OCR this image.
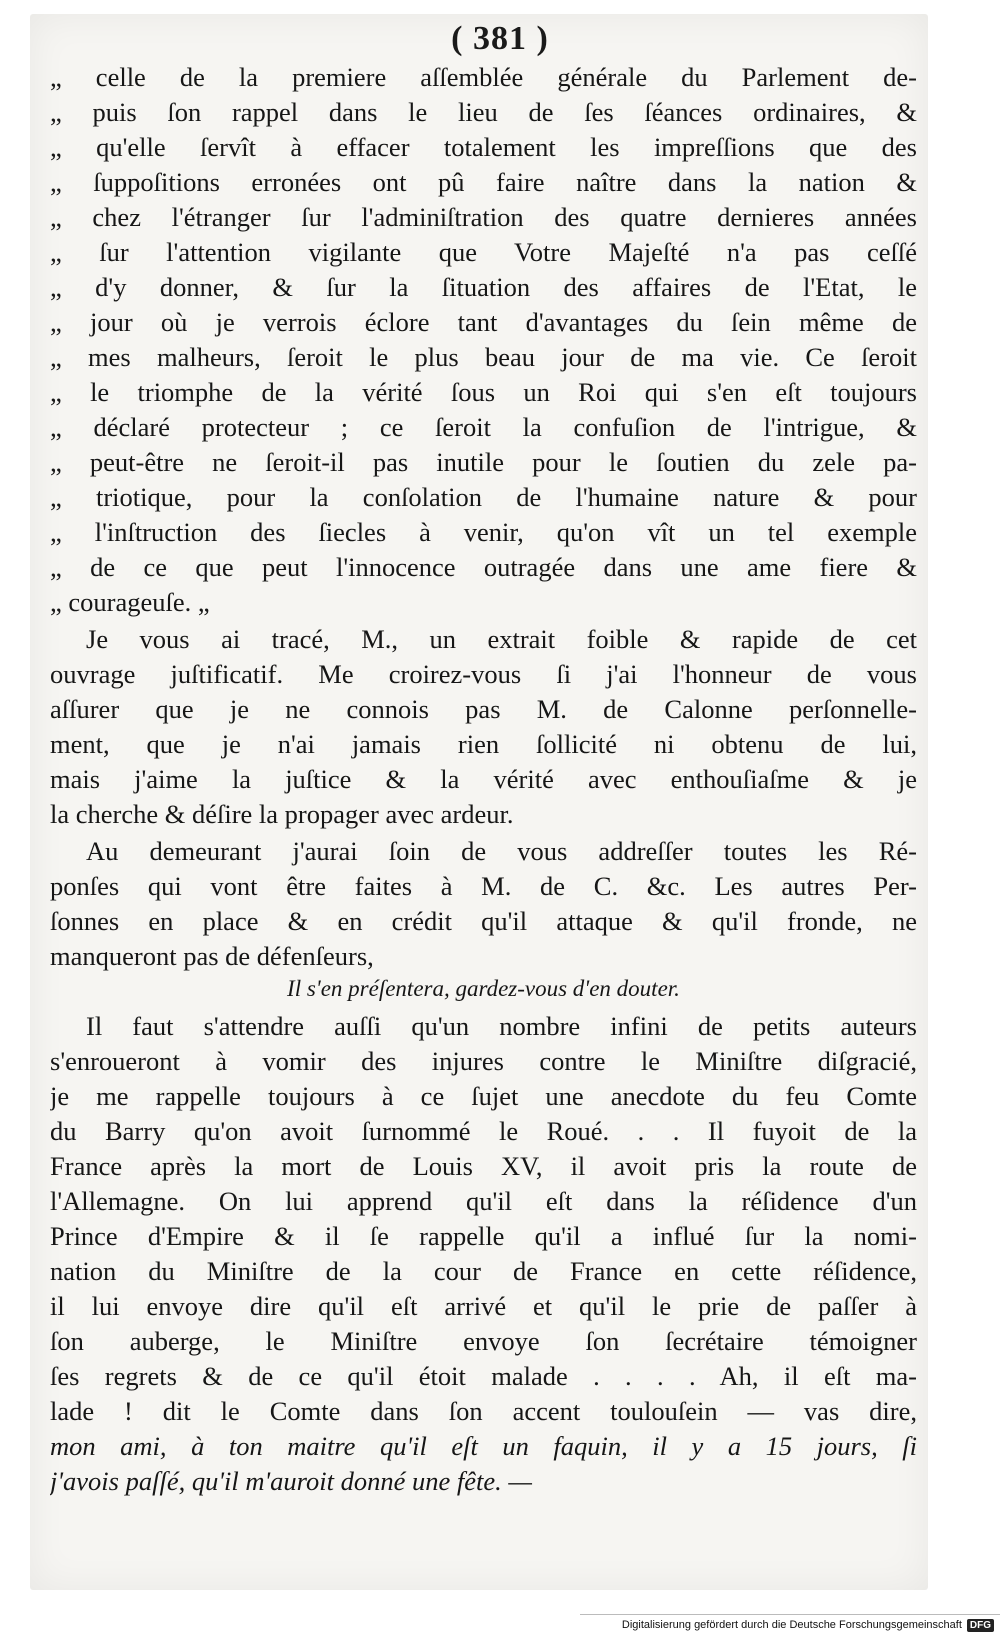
( 381 )
„ celle de la premiere aſſemblée générale du Parlement de-
„ puis ſon rappel dans le lieu de ſes ſéances ordinaires, &
„ qu'elle ſervît à effacer totalement les impreſſions que des
„ ſuppoſitions erronées ont pû faire naître dans la nation &
„ chez l'étranger ſur l'adminiſtration des quatre dernieres années
„ ſur l'attention vigilante que Votre Majeſté n'a pas ceſſé
„ d'y donner, & ſur la ſituation des affaires de l'Etat, le
„ jour où je verrois éclore tant d'avantages du ſein même de
„ mes malheurs, ſeroit le plus beau jour de ma vie. Ce ſeroit
„ le triomphe de la vérité ſous un Roi qui s'en eſt toujours
„ déclaré protecteur ; ce ſeroit la confuſion de l'intrigue, &
„ peut-être ne ſeroit-il pas inutile pour le ſoutien du zele pa-
„ triotique, pour la conſolation de l'humaine nature & pour
„ l'inſtruction des ſiecles à venir, qu'on vît un tel exemple
„ de ce que peut l'innocence outragée dans une ame fiere &
„ courageuſe. „
Je vous ai tracé, M., un extrait foible & rapide de cet
ouvrage juſtificatif. Me croirez-vous ſi j'ai l'honneur de vous
aſſurer que je ne connois pas M. de Calonne perſonnelle-
ment, que je n'ai jamais rien ſollicité ni obtenu de lui,
mais j'aime la juſtice & la vérité avec enthouſiaſme & je
la cherche & déſire la propager avec ardeur.
Au demeurant j'aurai ſoin de vous addreſſer toutes les Ré-
ponſes qui vont être faites à M. de C. &c. Les autres Per-
ſonnes en place & en crédit qu'il attaque & qu'il fronde, ne
manqueront pas de défenſeurs,
Il s'en préſentera, gardez-vous d'en douter.
Il faut s'attendre auſſi qu'un nombre infini de petits auteurs
s'enroueront à vomir des injures contre le Miniſtre diſgracié,
je me rappelle toujours à ce ſujet une anecdote du feu Comte
du Barry qu'on avoit ſurnommé le Roué. . . Il fuyoit de la
France après la mort de Louis XV, il avoit pris la route de
l'Allemagne. On lui apprend qu'il eſt dans la réſidence d'un
Prince d'Empire & il ſe rappelle qu'il a influé ſur la nomi-
nation du Miniſtre de la cour de France en cette réſidence,
il lui envoye dire qu'il eſt arrivé et qu'il le prie de paſſer à
ſon auberge, le Miniſtre envoye ſon ſecrétaire témoigner
ſes regrets & de ce qu'il étoit malade . . . . Ah, il eſt ma-
lade ! dit le Comte dans ſon accent toulouſein — vas dire,
mon ami, à ton maitre qu'il eſt un faquin, il y a 15 jours, ſi
j'avois paſſé, qu'il m'auroit donné une fête. —
Digitalisierung gefördert durch die Deutsche Forschungsgemeinschaft DFG
